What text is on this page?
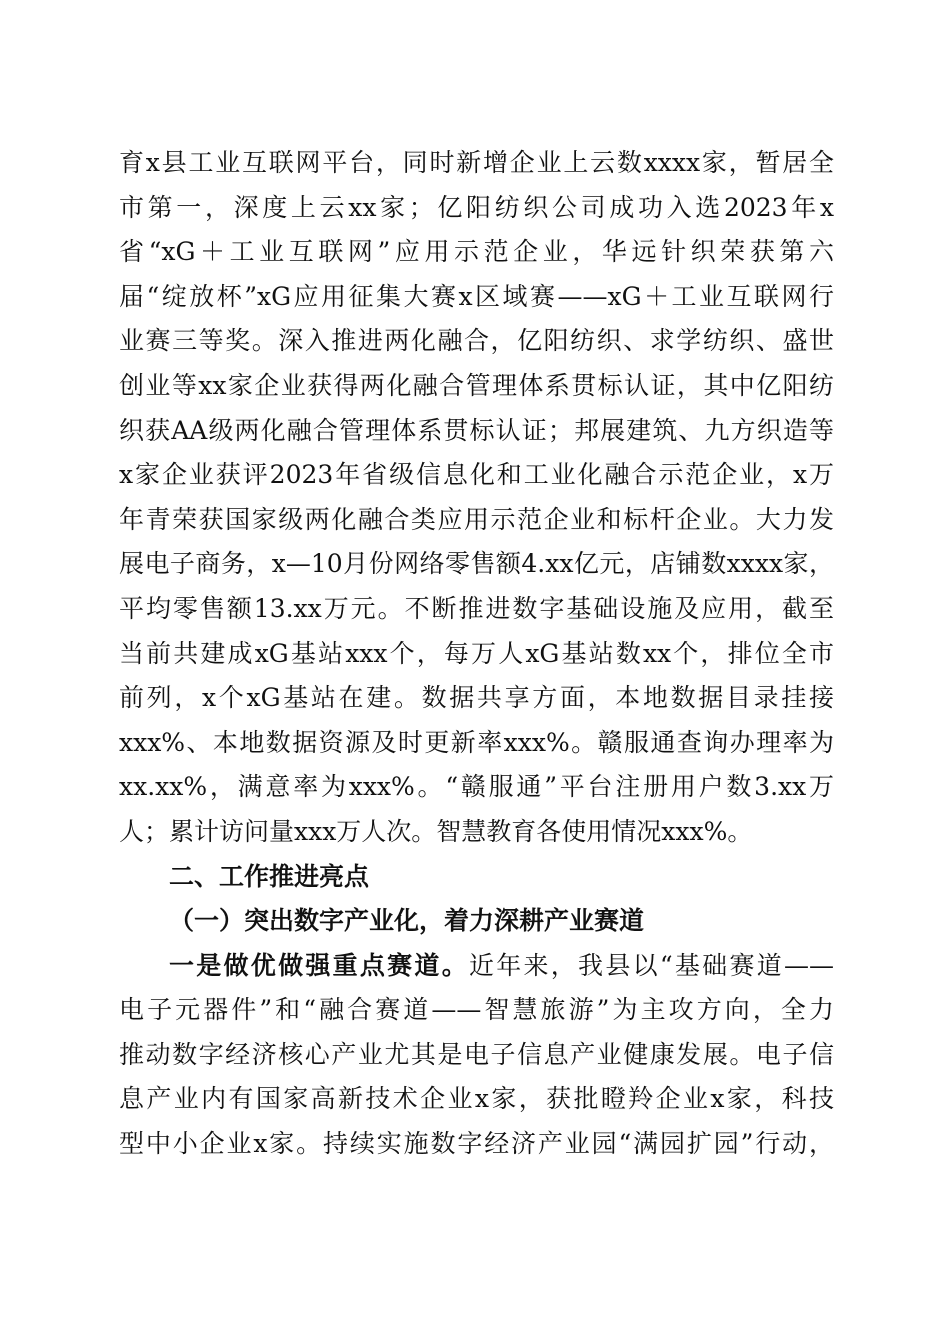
育x县工业互联网平台，同时新增企业上云数xxxx家，暂居全
市第一，深度上云xx家；亿阳纺织公司成功入选2023年x
省“xG＋工业互联网”应用示范企业，华远针织荣获第六
届“绽放杯”xG应用征集大赛x区域赛——xG＋工业互联网行
业赛三等奖。深入推进两化融合，亿阳纺织、求学纺织、盛世
创业等xx家企业获得两化融合管理体系贯标认证，其中亿阳纺
织获AA级两化融合管理体系贯标认证；邦展建筑、九方织造等
x家企业获评2023年省级信息化和工业化融合示范企业，x万
年青荣获国家级两化融合类应用示范企业和标杆企业。大力发
展电子商务，x—10月份网络零售额4.xx亿元，店铺数xxxx家，
平均零售额13.xx万元。不断推进数字基础设施及应用，截至
当前共建成xG基站xxx个，每万人xG基站数xx个，排位全市
前列，x个xG基站在建。数据共享方面，本地数据目录挂接
xxx%、本地数据资源及时更新率xxx%。赣服通查询办理率为
xx.xx%，满意率为xxx%。“赣服通”平台注册用户数3.xx万
人；累计访问量xxx万人次。智慧教育各使用情况xxx%。
二、工作推进亮点
（一）突出数字产业化，着力深耕产业赛道
一是做优做强重点赛道。近年来，我县以“基础赛道——
电子元器件”和“融合赛道——智慧旅游”为主攻方向，全力
推动数字经济核心产业尤其是电子信息产业健康发展。电子信
息产业内有国家高新技术企业x家，获批瞪羚企业x家，科技
型中小企业x家。持续实施数字经济产业园“满园扩园”行动，
